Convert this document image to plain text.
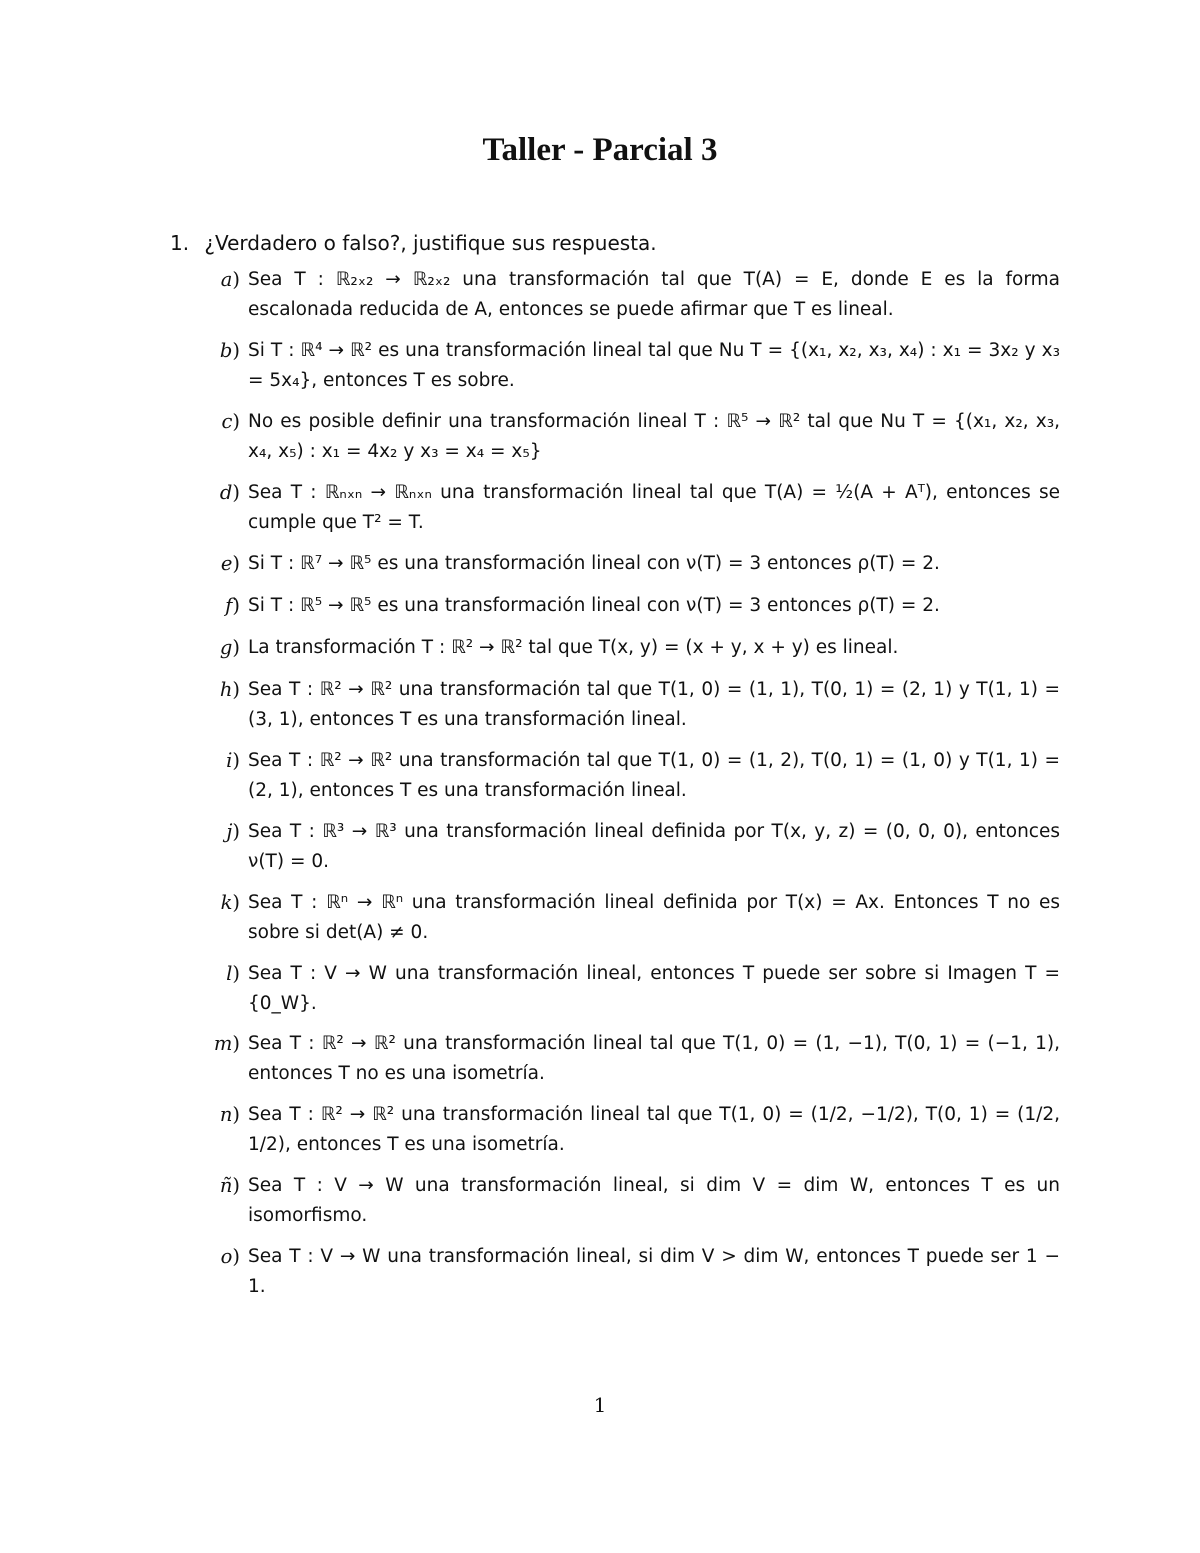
Taller - Parcial 3
1. ¿Verdadero o falso?, justifique sus respuesta.
a ) Sea T : ℝ₂ₓ₂ → ℝ₂ₓ₂ una transformación tal que T(A) = E, donde E es la forma escalonada reducida de A, entonces se puede afirmar que T es lineal.
b ) Si T : ℝ⁴ → ℝ² es una transformación lineal tal que Nu T = {(x₁, x₂, x₃, x₄) : x₁ = 3x₂ y x₃ = 5x₄}, entonces T es sobre.
c ) No es posible definir una transformación lineal T : ℝ⁵ → ℝ² tal que Nu T = {(x₁, x₂, x₃, x₄, x₅) : x₁ = 4x₂ y x₃ = x₄ = x₅}
d ) Sea T : ℝₙₓₙ → ℝₙₓₙ una transformación lineal tal que T(A) = ½(A + Aᵀ), entonces se cumple que T² = T.
e ) Si T : ℝ⁷ → ℝ⁵ es una transformación lineal con ν(T) = 3 entonces ρ(T) = 2.
f ) Si T : ℝ⁵ → ℝ⁵ es una transformación lineal con ν(T) = 3 entonces ρ(T) = 2.
g ) La transformación T : ℝ² → ℝ² tal que T(x, y) = (x + y, x + y) es lineal.
h ) Sea T : ℝ² → ℝ² una transformación tal que T(1, 0) = (1, 1), T(0, 1) = (2, 1) y T(1, 1) = (3, 1), entonces T es una transformación lineal.
i ) Sea T : ℝ² → ℝ² una transformación tal que T(1, 0) = (1, 2), T(0, 1) = (1, 0) y T(1, 1) = (2, 1), entonces T es una transformación lineal.
j ) Sea T : ℝ³ → ℝ³ una transformación lineal definida por T(x, y, z) = (0, 0, 0), entonces ν(T) = 0.
k ) Sea T : ℝⁿ → ℝⁿ una transformación lineal definida por T(x) = Ax. Entonces T no es sobre si det(A) ≠ 0.
l ) Sea T : V → W una transformación lineal, entonces T puede ser sobre si Imagen T = {0_W}.
m ) Sea T : ℝ² → ℝ² una transformación lineal tal que T(1, 0) = (1, −1), T(0, 1) = (−1, 1), entonces T no es una isometría.
n ) Sea T : ℝ² → ℝ² una transformación lineal tal que T(1, 0) = (1/2, −1/2), T(0, 1) = (1/2, 1/2), entonces T es una isometría.
ñ ) Sea T : V → W una transformación lineal, si dim V = dim W, entonces T es un isomorfismo.
o ) Sea T : V → W una transformación lineal, si dim V > dim W, entonces T puede ser 1 − 1.
1
